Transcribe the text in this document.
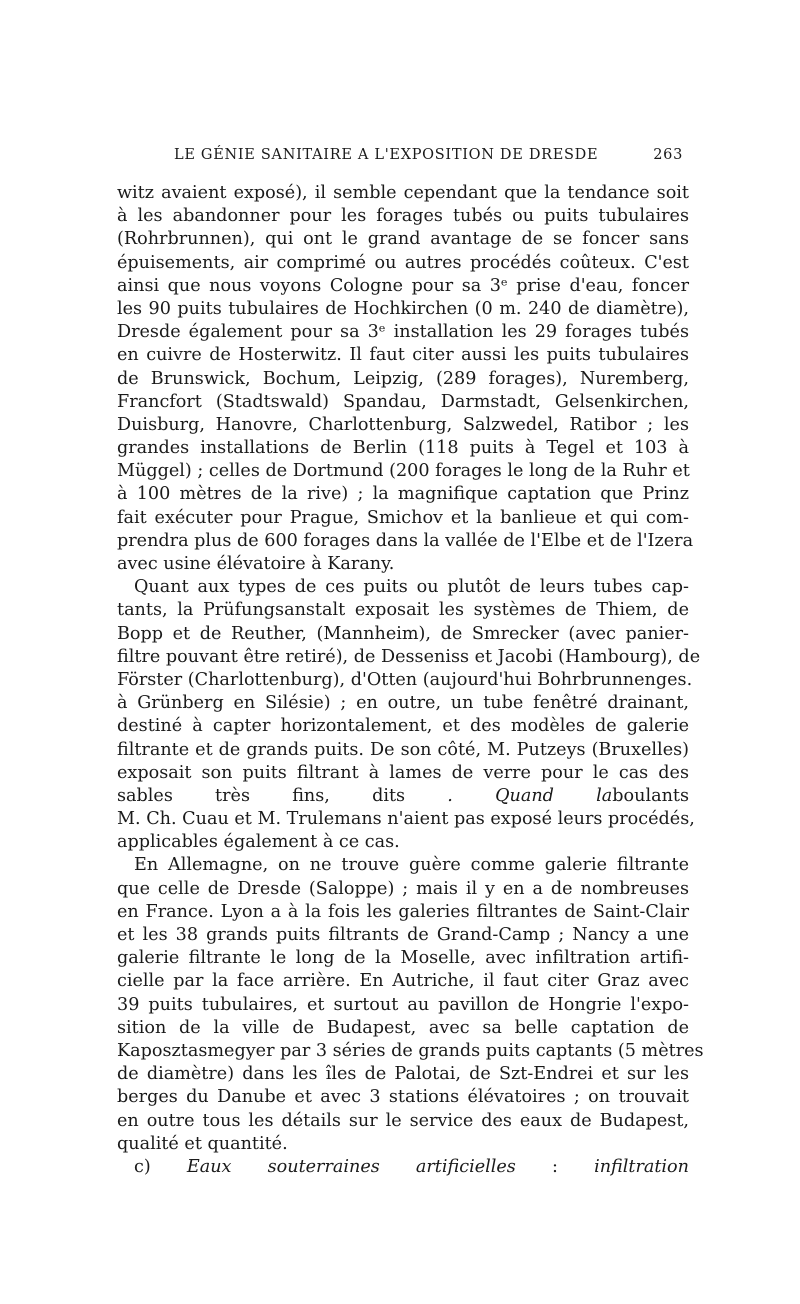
LE GÉNIE SANITAIRE A L'EXPOSITION DE DRESDE	263
witz avaient exposé), il semble cependant que la tendance soit
à les abandonner pour les forages tubés ou puits tubulaires
(Rohrbrunnen), qui ont le grand avantage de se foncer sans
épuisements, air comprimé ou autres procédés coûteux. C'est
ainsi que nous voyons Cologne pour sa 3ᵉ prise d'eau, foncer
les 90 puits tubulaires de Hochkirchen (0 m. 240 de diamètre),
Dresde également pour sa 3ᵉ installation les 29 forages tubés
en cuivre de Hosterwitz. Il faut citer aussi les puits tubulaires
de Brunswick, Bochum, Leipzig, (289 forages), Nuremberg,
Francfort (Stadtswald) Spandau, Darmstadt, Gelsenkirchen,
Duisburg, Hanovre, Charlottenburg, Salzwedel, Ratibor ; les
grandes installations de Berlin (118 puits à Tegel et 103 à
Müggel) ; celles de Dortmund (200 forages le long de la Ruhr et
à 100 mètres de la rive) ; la magnifique captation que Prinz
fait exécuter pour Prague, Smichov et la banlieue et qui com-
prendra plus de 600 forages dans la vallée de l'Elbe et de l'Izera
avec usine élévatoire à Karany.
Quant aux types de ces puits ou plutôt de leurs tubes cap-
tants, la Prüfungsanstalt exposait les systèmes de Thiem, de
Bopp et de Reuther, (Mannheim), de Smrecker (avec panier-
filtre pouvant être retiré), de Desseniss et Jacobi (Hambourg), de
Förster (Charlottenburg), d'Otten (aujourd'hui Bohrbrunnenges.
à Grünberg en Silésie) ; en outre, un tube fenêtré drainant,
destiné à capter horizontalement, et des modèles de galerie
filtrante et de grands puits. De son côté, M. Putzeys (Bruxelles)
exposait son puits filtrant à lames de verre pour le cas des
sables très fins, dits . Quand laboulants
M. Ch. Cuau et M. Trulemans n'aient pas exposé leurs procédés,
applicables également à ce cas.
En Allemagne, on ne trouve guère comme galerie filtrante
que celle de Dresde (Saloppe) ; mais il y en a de nombreuses
en France. Lyon a à la fois les galeries filtrantes de Saint-Clair
et les 38 grands puits filtrants de Grand-Camp ; Nancy a une
galerie filtrante le long de la Moselle, avec infiltration artifi-
cielle par la face arrière. En Autriche, il faut citer Graz avec
39 puits tubulaires, et surtout au pavillon de Hongrie l'expo-
sition de la ville de Budapest, avec sa belle captation de
Kaposztasmegyer par 3 séries de grands puits captants (5 mètres
de diamètre) dans les îles de Palotai, de Szt-Endrei et sur les
berges du Danube et avec 3 stations élévatoires ; on trouvait
en outre tous les détails sur le service des eaux de Budapest,
qualité et quantité.
c) Eaux souterraines artificielles : infiltration
